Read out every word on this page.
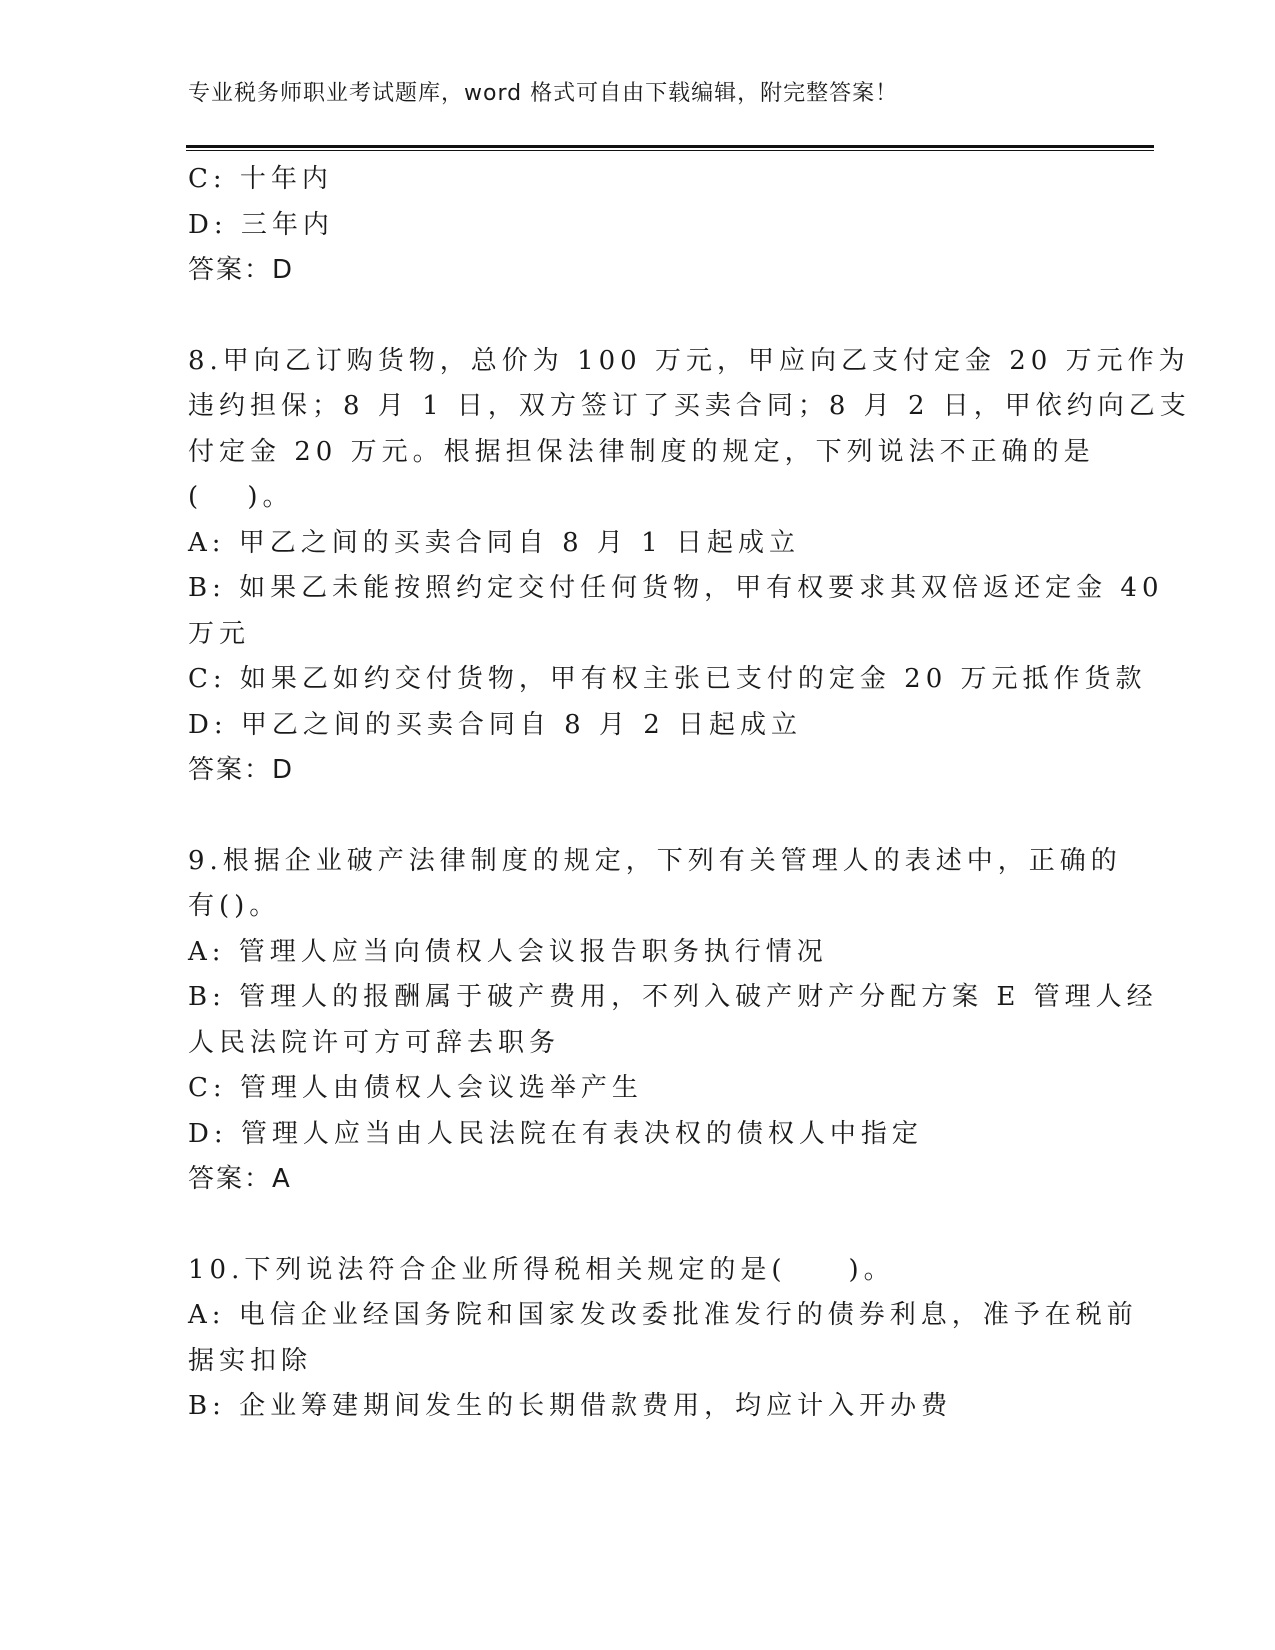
专业税务师职业考试题库，word 格式可自由下载编辑，附完整答案！
C: 十年内
D: 三年内
答案：D
8.甲向乙订购货物，总价为 100 万元，甲应向乙支付定金 20 万元作为
违约担保；8 月 1 日，双方签订了买卖合同；8 月 2 日，甲依约向乙支
付定金 20 万元。根据担保法律制度的规定，下列说法不正确的是
(　 )。
A: 甲乙之间的买卖合同自 8 月 1 日起成立
B: 如果乙未能按照约定交付任何货物，甲有权要求其双倍返还定金 40
万元
C: 如果乙如约交付货物，甲有权主张已支付的定金 20 万元抵作货款
D: 甲乙之间的买卖合同自 8 月 2 日起成立
答案：D
9.根据企业破产法律制度的规定，下列有关管理人的表述中，正确的
有()。
A: 管理人应当向债权人会议报告职务执行情况
B: 管理人的报酬属于破产费用，不列入破产财产分配方案 E 管理人经
人民法院许可方可辞去职务
C: 管理人由债权人会议选举产生
D: 管理人应当由人民法院在有表决权的债权人中指定
答案：A
10.下列说法符合企业所得税相关规定的是(　　)。
A: 电信企业经国务院和国家发改委批准发行的债券利息，准予在税前
据实扣除
B: 企业筹建期间发生的长期借款费用，均应计入开办费
